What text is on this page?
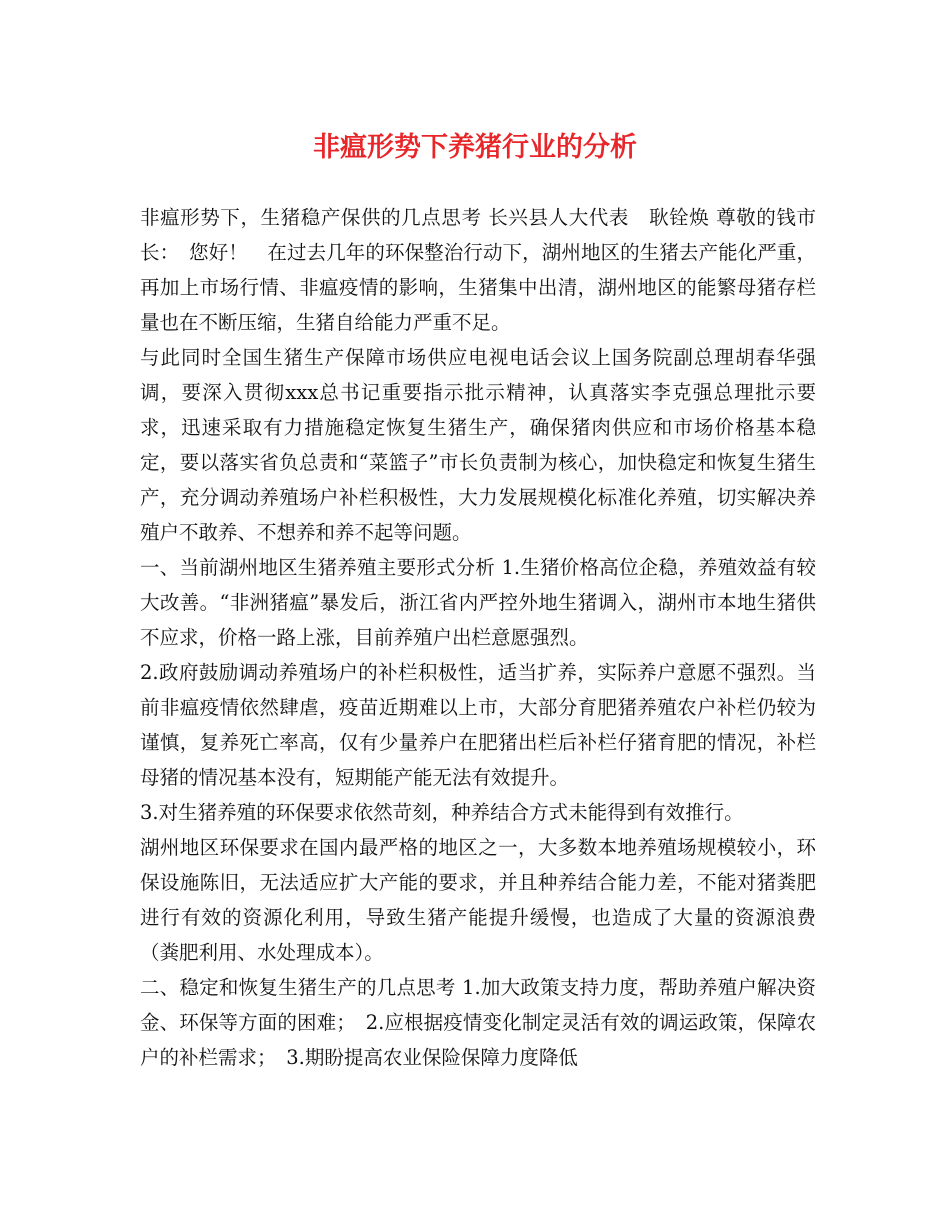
非瘟形势下养猪行业的分析

非瘟形势下，生猪稳产保供的几点思考 长兴县人大代表　耿铨焕 尊敬的钱市长：　您好！　在过去几年的环保整治行动下，湖州地区的生猪去产能化严重，再加上市场行情、非瘟疫情的影响，生猪集中出清，湖州地区的能繁母猪存栏量也在不断压缩，生猪自给能力严重不足。

与此同时全国生猪生产保障市场供应电视电话会议上国务院副总理胡春华强调，要深入贯彻xxx总书记重要指示批示精神，认真落实李克强总理批示要求，迅速采取有力措施稳定恢复生猪生产，确保猪肉供应和市场价格基本稳定，要以落实省负总责和“菜篮子”市长负责制为核心，加快稳定和恢复生猪生产，充分调动养殖场户补栏积极性，大力发展规模化标准化养殖，切实解决养殖户不敢养、不想养和养不起等问题。

一、当前湖州地区生猪养殖主要形式分析 1.生猪价格高位企稳，养殖效益有较大改善。“非洲猪瘟”暴发后，浙江省内严控外地生猪调入，湖州市本地生猪供不应求，价格一路上涨，目前养殖户出栏意愿强烈。

2.政府鼓励调动养殖场户的补栏积极性，适当扩养，实际养户意愿不强烈。当前非瘟疫情依然肆虐，疫苗近期难以上市，大部分育肥猪养殖农户补栏仍较为谨慎，复养死亡率高，仅有少量养户在肥猪出栏后补栏仔猪育肥的情况，补栏母猪的情况基本没有，短期能产能无法有效提升。

3.对生猪养殖的环保要求依然苛刻，种养结合方式未能得到有效推行。

湖州地区环保要求在国内最严格的地区之一，大多数本地养殖场规模较小，环保设施陈旧，无法适应扩大产能的要求，并且种养结合能力差，不能对猪粪肥进行有效的资源化利用，导致生猪产能提升缓慢，也造成了大量的资源浪费（粪肥利用、水处理成本）。

二、稳定和恢复生猪生产的几点思考 1.加大政策支持力度，帮助养殖户解决资金、环保等方面的困难；　2.应根据疫情变化制定灵活有效的调运政策，保障农户的补栏需求；　3.期盼提高农业保险保障力度降低
